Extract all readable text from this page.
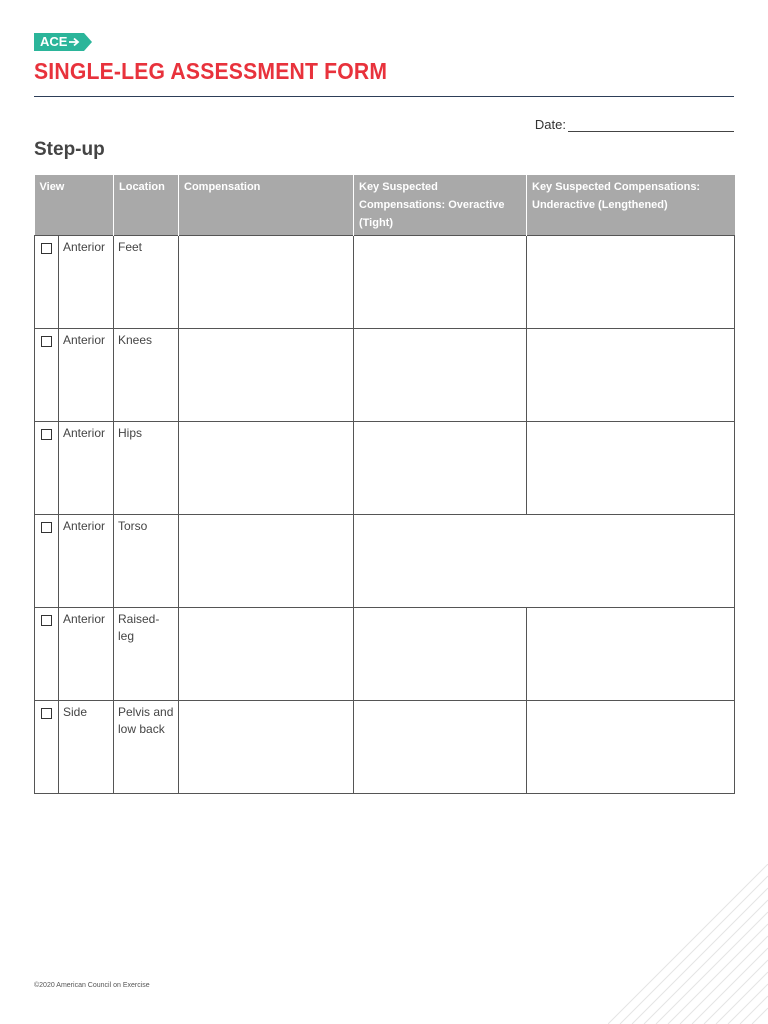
ACE
SINGLE-LEG ASSESSMENT FORM
Date:
Step-up
View		Location	Compensation	Key Suspected Compensations: Overactive (Tight)	Key Suspected Compensations: Underactive (Lengthened)
	Anterior	Feet			
	Anterior	Knees			
	Anterior	Hips			
	Anterior	Torso			
	Anterior	Raised-leg			
	Side	Pelvis and low back			
©2020 American Council on Exercise
